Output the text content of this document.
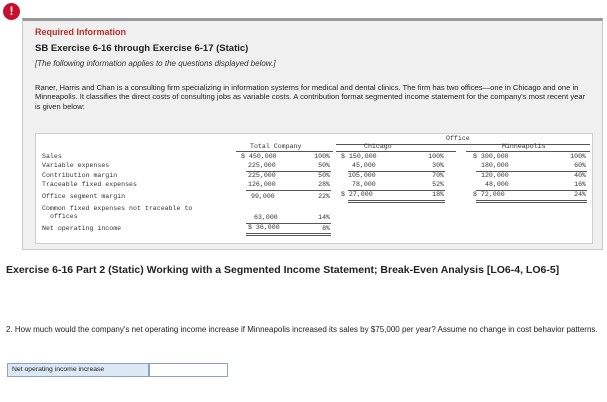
!
Required Information
SB Exercise 6-16 through Exercise 6-17 (Static)
[The following information applies to the questions displayed below.]
Raner, Harris and Chan is a consulting firm specializing in information systems for medical and dental clinics. The firm has two offices—one in Chicago and one in Minneapolis. It classifies the direct costs of consulting jobs as variable costs. A contribution format segmented income statement for the company's most recent year is given below:
Office
Total Company	Chicago	Minneapolis
Sales	$ 450,000	100% $ 150,000	100%	$ 300,000	100%
Variable expenses	225,000	50%	45,000	30%	180,000	60%
Contribution margin	225,000	50%	105,000	70%	120,000	40%
Traceable fixed expenses	126,000	28%	78,000	52%	48,000	16%
Office segment margin	99,000	22% $ 27,000	18%	$ 72,000	24%
Common fixed expenses not traceable to
offices	63,000	14%
Net operating income	$ 36,000	8%
Exercise 6-16 Part 2 (Static) Working with a Segmented Income Statement; Break-Even Analysis [LO6-4, LO6-5]
2. How much would the company's net operating income increase if Minneapolis increased its sales by $75,000 per year? Assume no change in cost behavior patterns.
Net operating income increase
